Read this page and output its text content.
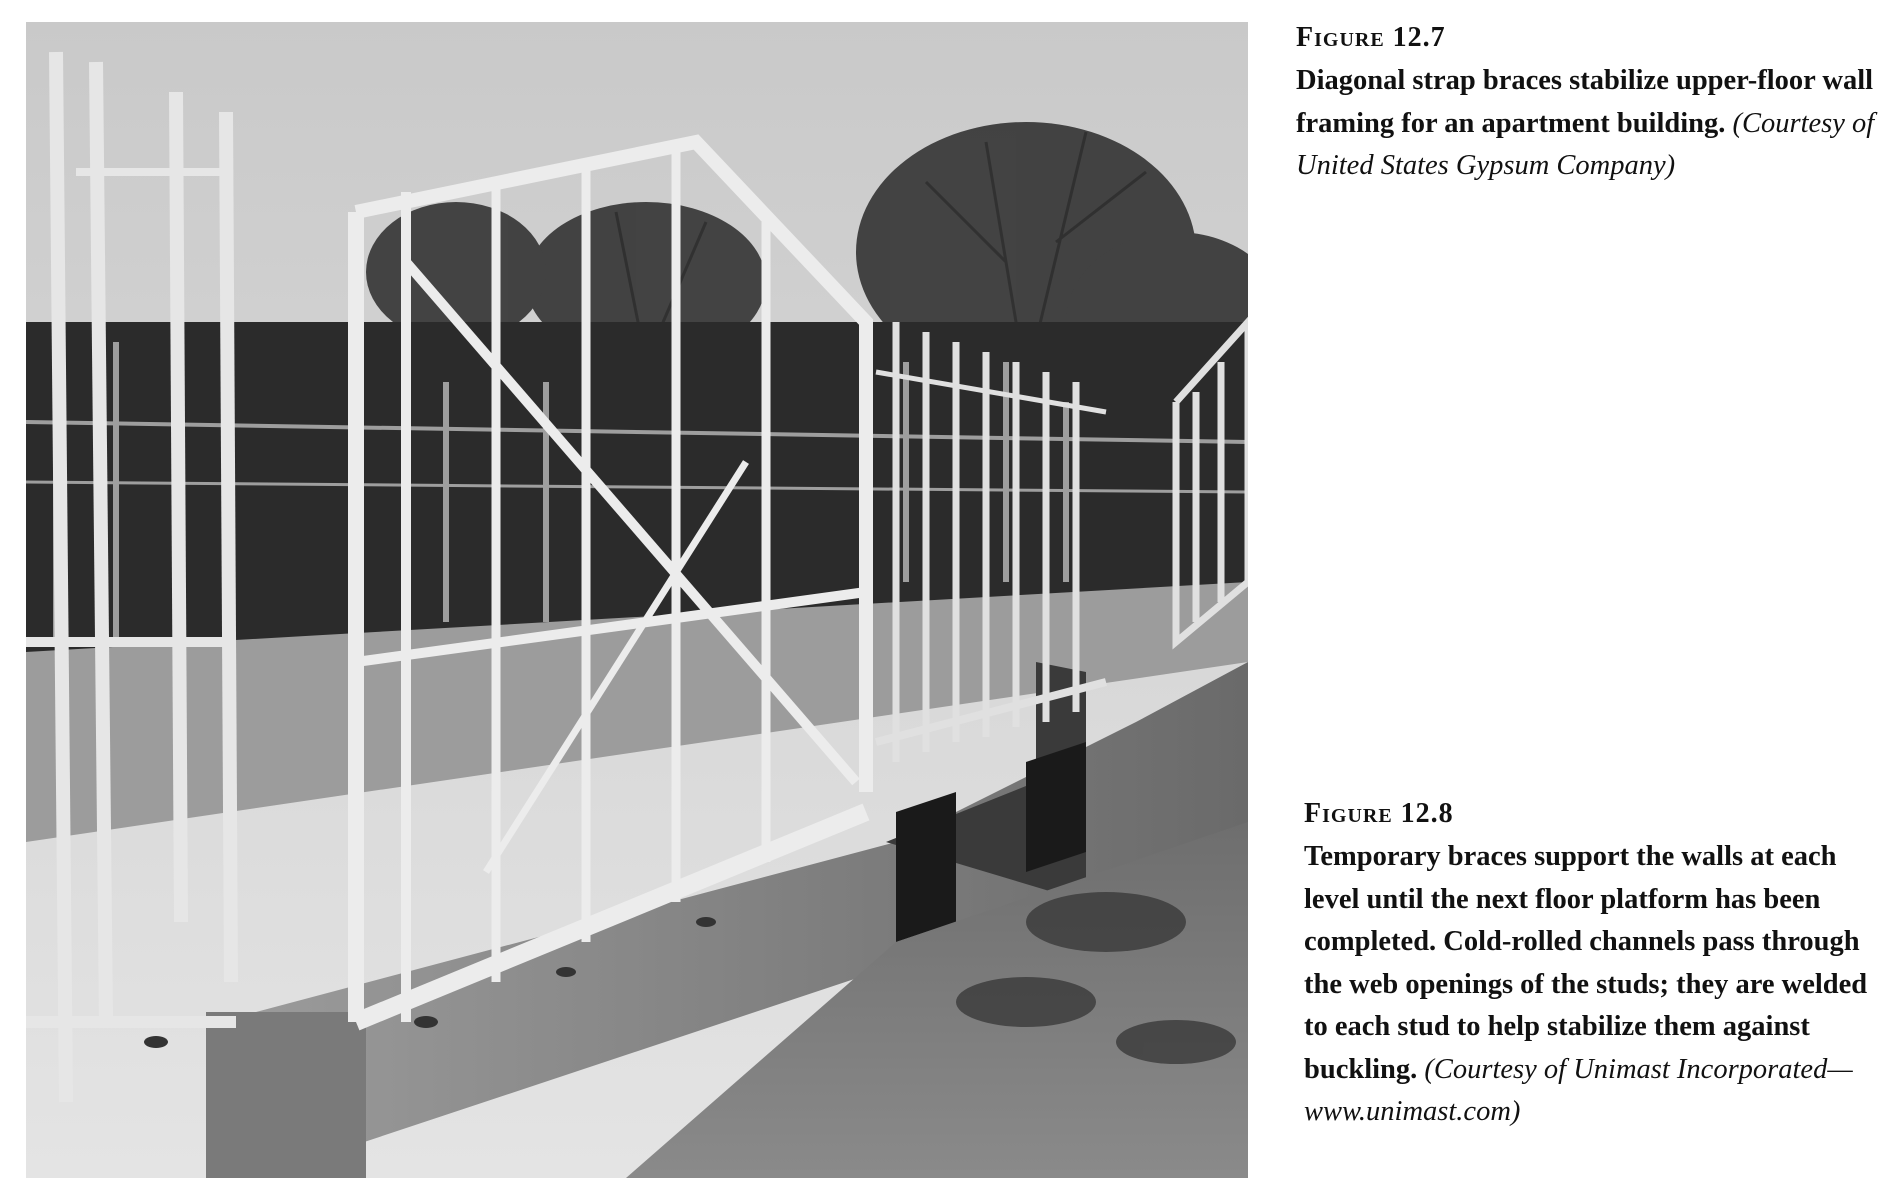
Figure 12.7

Diagonal strap braces stabilize upper-floor wall framing for an apartment building. (Courtesy of United States Gypsum Company)

Figure 12.8

Temporary braces support the walls at each level until the next floor platform has been completed. Cold-rolled channels pass through the web openings of the studs; they are welded to each stud to help stabilize them against buckling. (Courtesy of Unimast Incorporated—www.unimast.com)
